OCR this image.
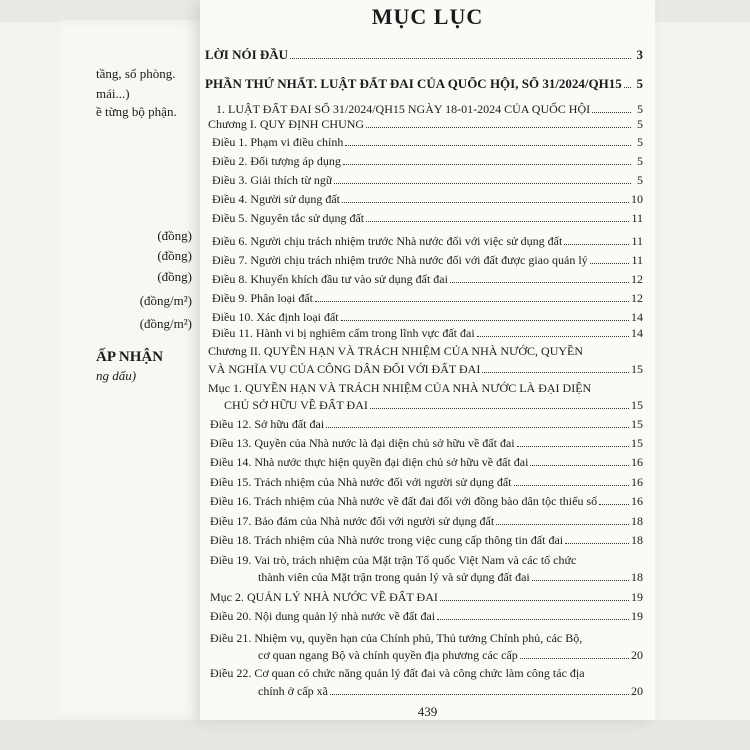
tầng, số phòng.
mái...)
ề từng bộ phận.
(đồng)
(đồng)
(đồng)
(đồng/m²)
(đồng/m²)
ẤP NHẬN
ng dấu)
MỤC LỤC
LỜI NÓI ĐẦU	3
PHẦN THỨ NHẤT. LUẬT ĐẤT ĐAI CỦA QUỐC HỘI, SỐ 31/2024/QH15 5
1. LUẬT ĐẤT ĐAI SỐ 31/2024/QH15 NGÀY 18-01-2024 CỦA QUỐC HỘI	5
Chương I. QUY ĐỊNH CHUNG	5
Điều 1. Phạm vi điều chỉnh	5
Điều 2. Đối tượng áp dụng	5
Điều 3. Giải thích từ ngữ	5
Điều 4. Người sử dụng đất	10
Điều 5. Nguyên tắc sử dụng đất	11
Điều 6. Người chịu trách nhiệm trước Nhà nước đối với việc sử dụng đất	11
Điều 7. Người chịu trách nhiệm trước Nhà nước đối với đất được giao quản lý	11
Điều 8. Khuyến khích đầu tư vào sử dụng đất đai	12
Điều 9. Phân loại đất	12
Điều 10. Xác định loại đất	14
Điều 11. Hành vi bị nghiêm cấm trong lĩnh vực đất đai	14
Chương II. QUYỀN HẠN VÀ TRÁCH NHIỆM CỦA NHÀ NƯỚC, QUYỀN
VÀ NGHĨA VỤ CỦA CÔNG DÂN ĐỐI VỚI ĐẤT ĐAI	15
Mục 1. QUYỀN HẠN VÀ TRÁCH NHIỆM CỦA NHÀ NƯỚC LÀ ĐẠI DIỆN
CHỦ SỞ HỮU VỀ ĐẤT ĐAI	15
Điều 12. Sở hữu đất đai	15
Điều 13. Quyền của Nhà nước là đại diện chủ sở hữu về đất đai	15
Điều 14. Nhà nước thực hiện quyền đại diện chủ sở hữu về đất đai	16
Điều 15. Trách nhiệm của Nhà nước đối với người sử dụng đất	16
Điều 16. Trách nhiệm của Nhà nước về đất đai đối với đồng bào dân tộc thiểu số	16
Điều 17. Bảo đảm của Nhà nước đối với người sử dụng đất	18
Điều 18. Trách nhiệm của Nhà nước trong việc cung cấp thông tin đất đai	18
Điều 19. Vai trò, trách nhiệm của Mặt trận Tổ quốc Việt Nam và các tổ chức
thành viên của Mặt trận trong quản lý và sử dụng đất đai	18
Mục 2. QUẢN LÝ NHÀ NƯỚC VỀ ĐẤT ĐAI	19
Điều 20. Nội dung quản lý nhà nước về đất đai	19
Điều 21. Nhiệm vụ, quyền hạn của Chính phủ, Thủ tướng Chính phủ, các Bộ,
cơ quan ngang Bộ và chính quyền địa phương các cấp	20
Điều 22. Cơ quan có chức năng quản lý đất đai và công chức làm công tác địa
chính ở cấp xã	20
439
